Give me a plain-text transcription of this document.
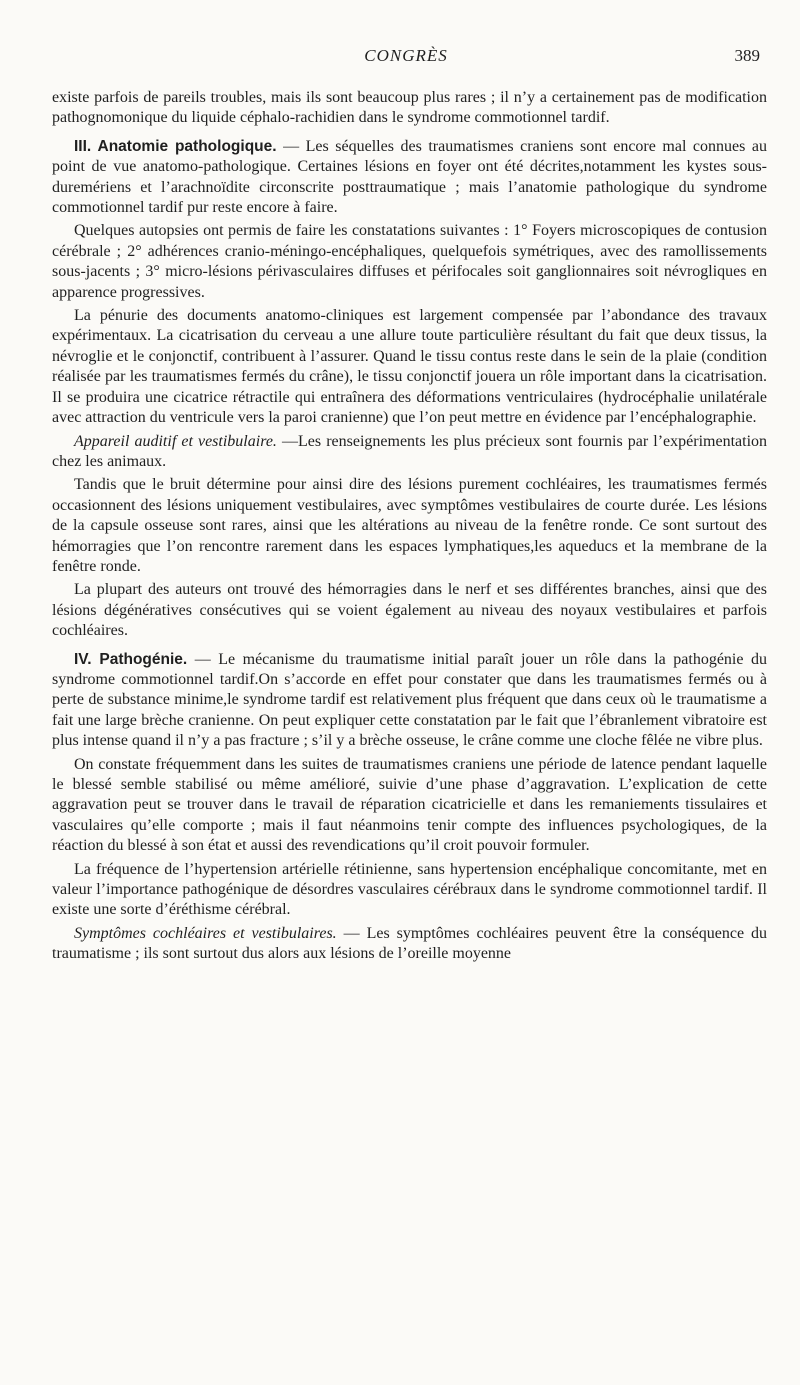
CONGRÈS	389

existe parfois de pareils troubles, mais ils sont beaucoup plus rares ; il n’y a certainement pas de modification pathognomonique du liquide céphalo-rachidien dans le syndrome commotionnel tardif.

III. Anatomie pathologique. — Les séquelles des traumatismes craniens sont encore mal connues au point de vue anatomo-pathologique. Certaines lésions en foyer ont été décrites,notamment les kystes sous-duremériens et l’arachnoïdite circonscrite posttraumatique ; mais l’anatomie pathologique du syndrome commotionnel tardif pur reste encore à faire.

Quelques autopsies ont permis de faire les constatations suivantes : 1° Foyers microscopiques de contusion cérébrale ; 2° adhérences cranio-méningo-encéphaliques, quelquefois symétriques, avec des ramollissements sous-jacents ; 3° micro-lésions périvasculaires diffuses et périfocales soit ganglionnaires soit névrogliques en apparence progressives.

La pénurie des documents anatomo-cliniques est largement compensée par l’abondance des travaux expérimentaux. La cicatrisation du cerveau a une allure toute particulière résultant du fait que deux tissus, la névroglie et le conjonctif, contribuent à l’assurer. Quand le tissu contus reste dans le sein de la plaie (condition réalisée par les traumatismes fermés du crâne), le tissu conjonctif jouera un rôle important dans la cicatrisation. Il se produira une cicatrice rétractile qui entraînera des déformations ventriculaires (hydrocéphalie unilatérale avec attraction du ventricule vers la paroi cranienne) que l’on peut mettre en évidence par l’encéphalographie.

Appareil auditif et vestibulaire. —Les renseignements les plus précieux sont fournis par l’expérimentation chez les animaux.

Tandis que le bruit détermine pour ainsi dire des lésions purement cochléaires, les traumatismes fermés occasionnent des lésions uniquement vestibulaires, avec symptômes vestibulaires de courte durée. Les lésions de la capsule osseuse sont rares, ainsi que les altérations au niveau de la fenêtre ronde. Ce sont surtout des hémorragies que l’on rencontre rarement dans les espaces lymphatiques,les aqueducs et la membrane de la fenêtre ronde.

La plupart des auteurs ont trouvé des hémorragies dans le nerf et ses différentes branches, ainsi que des lésions dégénératives consécutives qui se voient également au niveau des noyaux vestibulaires et parfois cochléaires.

IV. Pathogénie. — Le mécanisme du traumatisme initial paraît jouer un rôle dans la pathogénie du syndrome commotionnel tardif.On s’accorde en effet pour constater que dans les traumatismes fermés ou à perte de substance minime,le syndrome tardif est relativement plus fréquent que dans ceux où le traumatisme a fait une large brèche cranienne. On peut expliquer cette constatation par le fait que l’ébranlement vibratoire est plus intense quand il n’y a pas fracture ; s’il y a brèche osseuse, le crâne comme une cloche fêlée ne vibre plus.

On constate fréquemment dans les suites de traumatismes craniens une période de latence pendant laquelle le blessé semble stabilisé ou même amélioré, suivie d’une phase d’aggravation. L’explication de cette aggravation peut se trouver dans le travail de réparation cicatricielle et dans les remaniements tissulaires et vasculaires qu’elle comporte ; mais il faut néanmoins tenir compte des influences psychologiques, de la réaction du blessé à son état et aussi des revendications qu’il croit pouvoir formuler.

La fréquence de l’hypertension artérielle rétinienne, sans hypertension encéphalique concomitante, met en valeur l’importance pathogénique de désordres vasculaires cérébraux dans le syndrome commotionnel tardif. Il existe une sorte d’éréthisme cérébral.

Symptômes cochléaires et vestibulaires. — Les symptômes cochléaires peuvent être la conséquence du traumatisme ; ils sont surtout dus alors aux lésions de l’oreille moyenne
